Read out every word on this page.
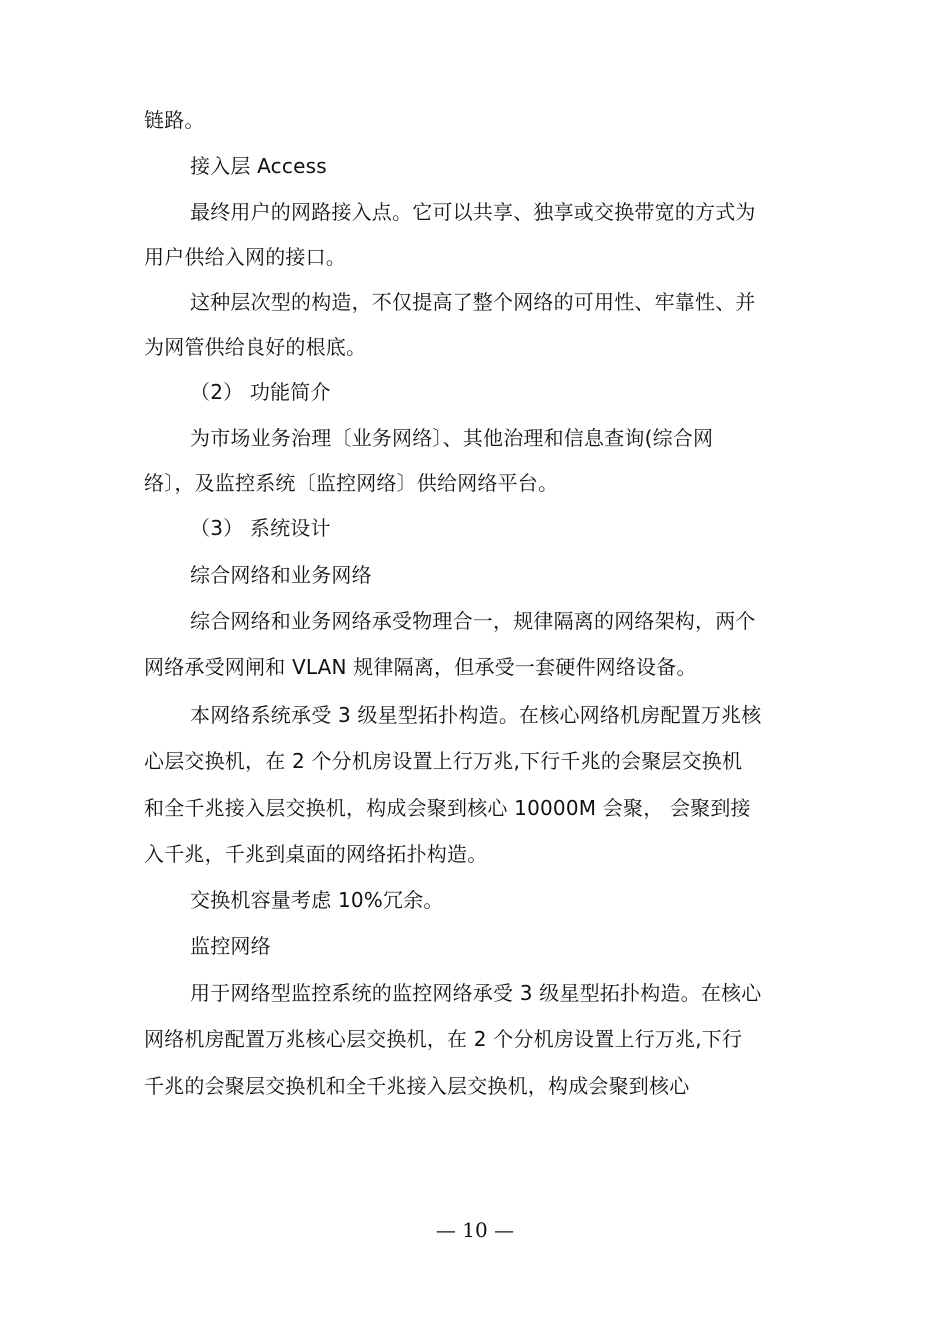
链路。
接入层 Access
最终用户的网路接入点。它可以共享、独享或交换带宽的方式为
用户供给入网的接口。
这种层次型的构造，不仅提高了整个网络的可用性、牢靠性、并
为网管供给良好的根底。
（2） 功能简介
为市场业务治理〔业务网络〕、其他治理和信息查询(综合网
络〕，及监控系统〔监控网络〕供给网络平台。
（3） 系统设计
综合网络和业务网络
综合网络和业务网络承受物理合一，规律隔离的网络架构，两个
网络承受网闸和 VLAN 规律隔离，但承受一套硬件网络设备。
本网络系统承受 3 级星型拓扑构造。在核心网络机房配置万兆核
心层交换机，在 2 个分机房设置上行万兆,下行千兆的会聚层交换机
和全千兆接入层交换机，构成会聚到核心 10000M 会聚， 会聚到接
入千兆，千兆到桌面的网络拓扑构造。
交换机容量考虑 10%冗余。
监控网络
用于网络型监控系统的监控网络承受 3 级星型拓扑构造。在核心
网络机房配置万兆核心层交换机，在 2 个分机房设置上行万兆,下行
千兆的会聚层交换机和全千兆接入层交换机，构成会聚到核心
— 10 —
